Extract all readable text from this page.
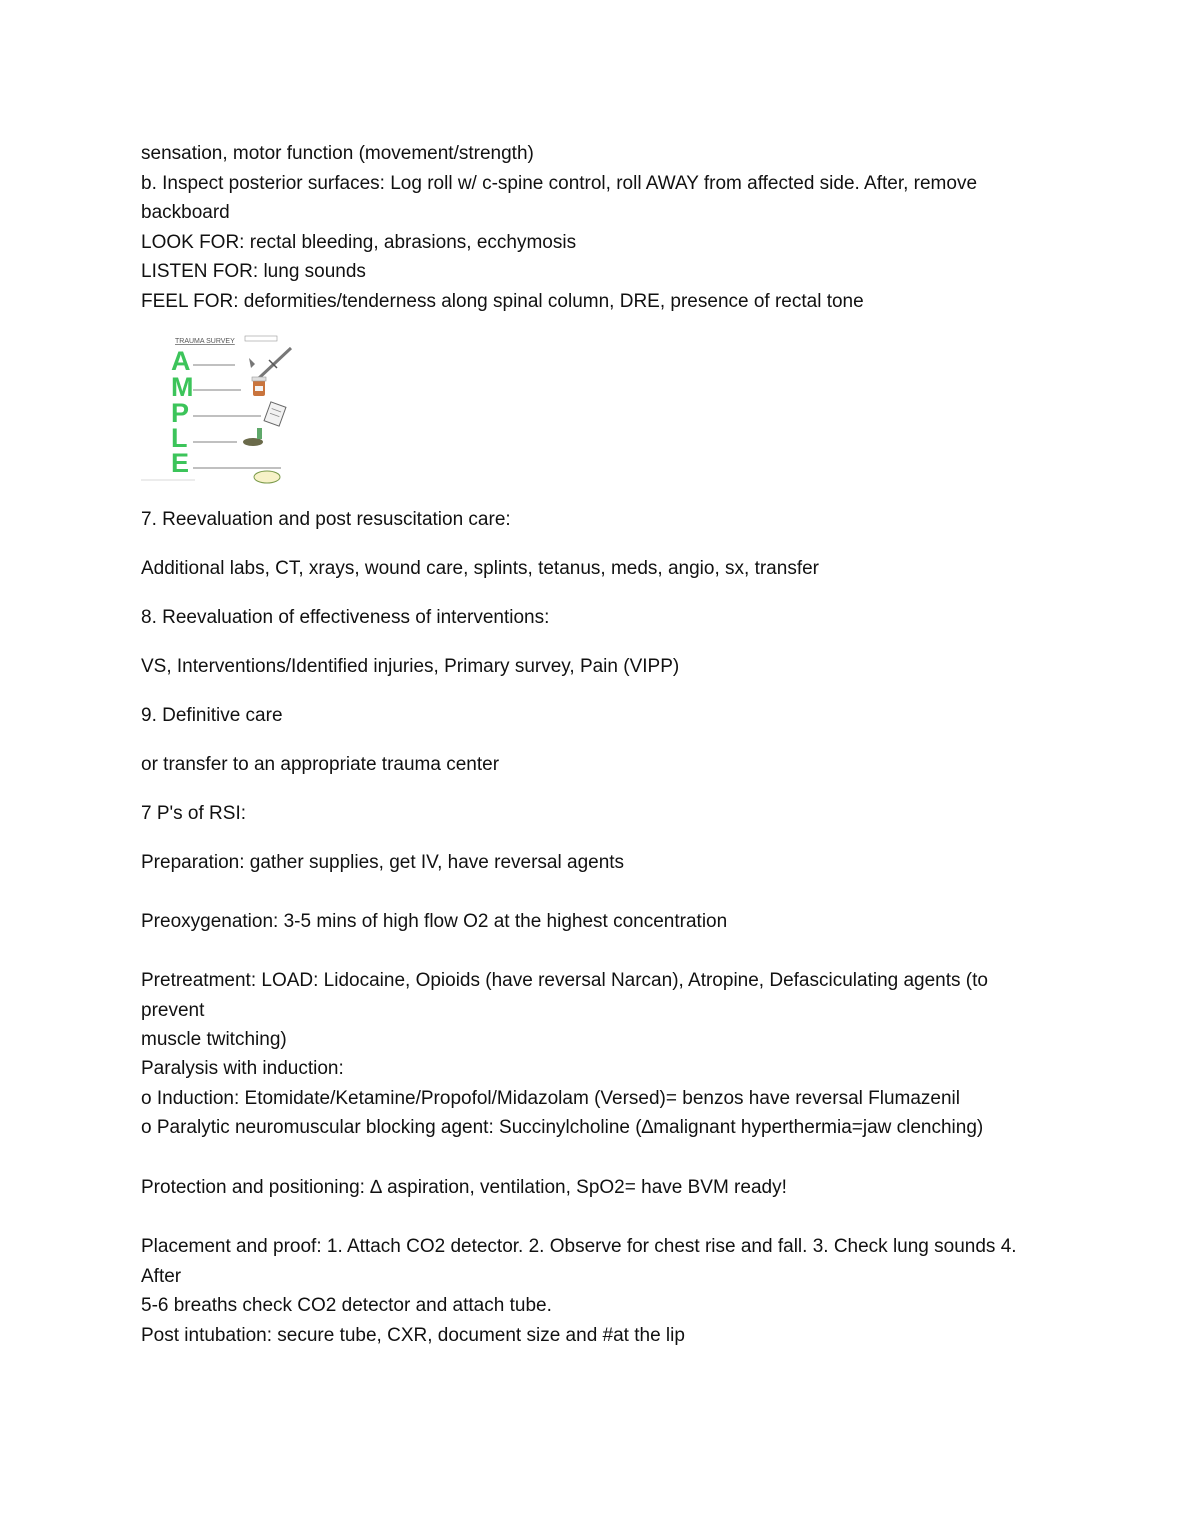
sensation, motor function (movement/strength)
b. Inspect posterior surfaces: Log roll w/ c-spine control, roll AWAY from affected side. After, remove
backboard
LOOK FOR: rectal bleeding, abrasions, ecchymosis
LISTEN FOR: lung sounds
FEEL FOR: deformities/tenderness along spinal column, DRE, presence of rectal tone
TRAUMA SURVEY
A
M
P
L
E
7. Reevaluation and post resuscitation care:
Additional labs, CT, xrays, wound care, splints, tetanus, meds, angio, sx, transfer
8. Reevaluation of effectiveness of interventions:
VS, Interventions/Identified injuries, Primary survey, Pain (VIPP)
9. Definitive care
or transfer to an appropriate trauma center
7 P's of RSI:
Preparation: gather supplies, get IV, have reversal agents
Preoxygenation: 3-5 mins of high flow O2 at the highest concentration
Pretreatment: LOAD: Lidocaine, Opioids (have reversal Narcan), Atropine, Defasciculating agents (to prevent
muscle twitching)
Paralysis with induction:
o Induction: Etomidate/Ketamine/Propofol/Midazolam (Versed)= benzos have reversal Flumazenil
o Paralytic neuromuscular blocking agent: Succinylcholine (∆malignant hyperthermia=jaw clenching)
Protection and positioning: ∆ aspiration, ventilation, SpO2= have BVM ready!
Placement and proof: 1. Attach CO2 detector. 2. Observe for chest rise and fall. 3. Check lung sounds 4. After
5-6 breaths check CO2 detector and attach tube.
Post intubation: secure tube, CXR, document size and #at the lip
